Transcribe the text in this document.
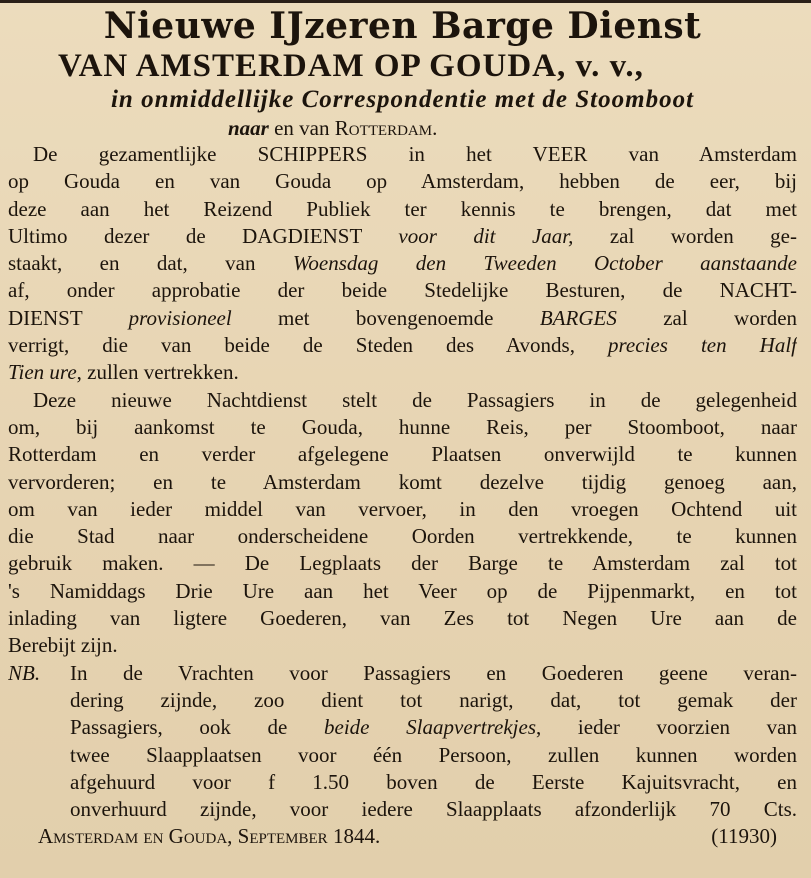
Nieuwe IJzeren Barge Dienst
VAN AMSTERDAM OP GOUDA, v. v.,
in onmiddellijke Correspondentie met de Stoomboot
naar en van Rotterdam.
De gezamentlijke SCHIPPERS in het VEER van Amsterdam
op Gouda en van Gouda op Amsterdam, hebben de eer, bij
deze aan het Reizend Publiek ter kennis te brengen, dat met
Ultimo dezer de DAGDIENST voor dit Jaar, zal worden ge-
staakt, en dat, van Woensdag den Tweeden October aanstaande
af, onder approbatie der beide Stedelijke Besturen, de NACHT-
DIENST provisioneel met bovengenoemde BARGES zal worden
verrigt, die van beide de Steden des Avonds, precies ten Half
Tien ure, zullen vertrekken.
Deze nieuwe Nachtdienst stelt de Passagiers in de gelegenheid
om, bij aankomst te Gouda, hunne Reis, per Stoomboot, naar
Rotterdam en verder afgelegene Plaatsen onverwijld te kunnen
vervorderen; en te Amsterdam komt dezelve tijdig genoeg aan,
om van ieder middel van vervoer, in den vroegen Ochtend uit
die Stad naar onderscheidene Oorden vertrekkende, te kunnen
gebruik maken. — De Legplaats der Barge te Amsterdam zal tot
's Namiddags Drie Ure aan het Veer op de Pijpenmarkt, en tot
inlading van ligtere Goederen, van Zes tot Negen Ure aan de
Berebijt zijn.
NB.	In de Vrachten voor Passagiers en Goederen geene veran-
dering zijnde, zoo dient tot narigt, dat, tot gemak der
Passagiers, ook de beide Slaapvertrekjes, ieder voorzien van
twee Slaapplaatsen voor één Persoon, zullen kunnen worden
afgehuurd voor f 1.50 boven de Eerste Kajuitsvracht, en
onverhuurd zijnde, voor iedere Slaapplaats afzonderlijk 70 Cts.
Amsterdam en Gouda, September 1844.	(11930)
